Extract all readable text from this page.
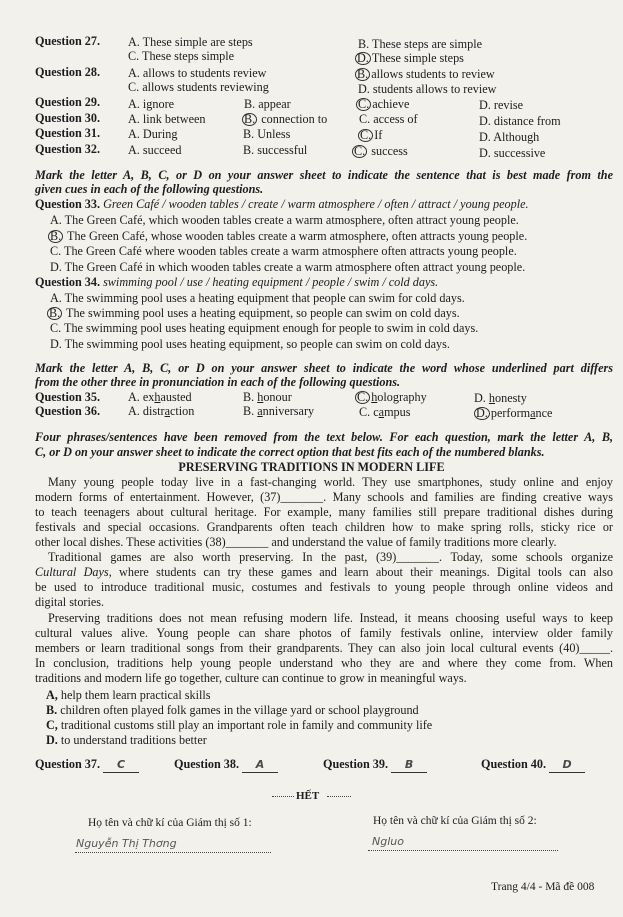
Question 27. A. These simple are steps	B. These steps are simple
C. These steps simple	D. These simple steps
Question 28. A. allows to students review	B. allows students to review
C. allows students reviewing	D. students allows to review
Question 29. A. ignore	B. appear	C. achieve	D. revise
Question 30. A. link between	B. connection to	C. access of	D. distance from
Question 31. A. During	B. Unless	C. If	D. Although
Question 32. A. succeed	B. successful	C. success	D. successive
Mark the letter A, B, C, or D on your answer sheet to indicate the sentence that is best made from the
given cues in each of the following questions.
Question 33. Green Café / wooden tables / create / warm atmosphere / often / attract / young people.
A. The Green Café, which wooden tables create a warm atmosphere, often attract young people.
B. The Green Café, whose wooden tables create a warm atmosphere, often attracts young people.
C. The Green Café where wooden tables create a warm atmosphere often attracts young people.
D. The Green Café in which wooden tables create a warm atmosphere often attract young people.
Question 34. swimming pool / use / heating equipment / people / swim / cold days.
A. The swimming pool uses a heating equipment that people can swim for cold days.
B. The swimming pool uses a heating equipment, so people can swim on cold days.
C. The swimming pool uses heating equipment enough for people to swim in cold days.
D. The swimming pool uses heating equipment, so people can swim on cold days.
Mark the letter A, B, C, or D on your answer sheet to indicate the word whose underlined part differs
from the other three in pronunciation in each of the following questions.
Question 35. A. exhausted	B. honour	C. holography	D. honesty
Question 36. A. distraction	B. anniversary	C. campus	D. performance
Four phrases/sentences have been removed from the text below. For each question, mark the letter A, B,
C, or D on your answer sheet to indicate the correct option that best fits each of the numbered blanks.
PRESERVING TRADITIONS IN MODERN LIFE
Many young people today live in a fast-changing world. They use smartphones, study online and enjoy
modern forms of entertainment. However, (37)_______. Many schools and families are finding creative ways
to teach teenagers about cultural heritage. For example, many families still prepare traditional dishes during
festivals and special occasions. Grandparents often teach children how to make spring rolls, sticky rice or
other local dishes. These activities (38)_______ and understand the value of family traditions more clearly.
Traditional games are also worth preserving. In the past, (39)_______. Today, some schools organize
Cultural Days, where students can try these games and learn about their meanings. Digital tools can also
be used to introduce traditional music, costumes and festivals to young people through online videos and
digital stories.
Preserving traditions does not mean refusing modern life. Instead, it means choosing useful ways to keep
cultural values alive. Young people can share photos of family festivals online, interview older family
members or learn traditional songs from their grandparents. They can also join local cultural events (40)_____.
In conclusion, traditions help young people understand who they are and where they come from. When
traditions and modern life go together, culture can continue to grow in meaningful ways.
A, help them learn practical skills
B. children often played folk games in the village yard or school playground
C, traditional customs still play an important role in family and community life
D. to understand traditions better
Question 37. C	Question 38. A	Question 39. B	Question 40. D
HẾT
Họ tên và chữ kí của Giám thị số 1:	Họ tên và chữ kí của Giám thị số 2:
Nguyễn Thị Thơng	Ngluo
Trang 4/4 - Mã đề 008
